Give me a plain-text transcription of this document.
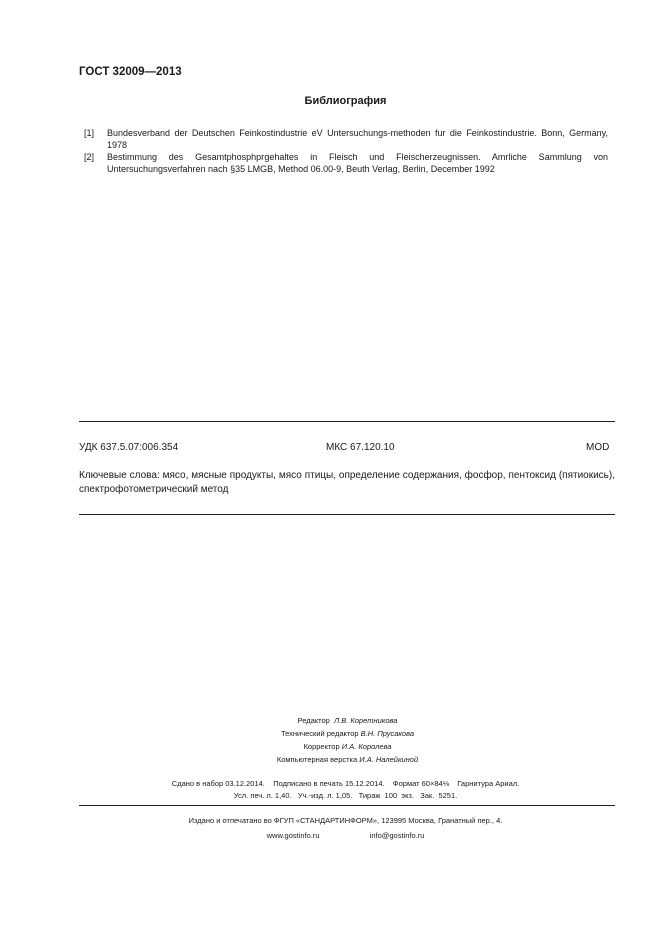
ГОСТ 32009—2013
Библиография
[1] Bundesverband der Deutschen Feinkostindustrie eV Untersuchungs-methoden fur die Feinkostindustrie. Bonn, Germany, 1978
[2] Bestimmung des Gesamtphosphргgehaltes in Fleisch und Fleischerzeugnissen. Amrliche Sammlung von Untersuchungsverfahren nach §35 LMGB, Method 06.00-9, Beuth Verlag, Berlin, December 1992
УДК 637.5.07:006.354	МКС 67.120.10	MOD
Ключевые слова: мясо, мясные продукты, мясо птицы, определение содержания, фосфор, пентоксид (пятиокись), спектрофотометрический метод
Редактор Л.В. Коретникова
Технический редактор В.Н. Прусакова
Корректор И.А. Королева
Компьютерная верстка И.А. Налейкиной
Сдано в набор 03.12.2014.    Подписано в печать 15.12.2014.    Формат 60×84⅛    Гарнитура Ариал.
Усл. печ. л. 1,40.   Уч.-изд. л. 1,05.   Тираж  100  экз.   Зак.  5251.
Издано и отпечатано во ФГУП «СТАНДАРТИНФОРМ», 123995 Москва, Гранатный пер., 4.
www.gostinfo.ru	info@gostinfo.ru
